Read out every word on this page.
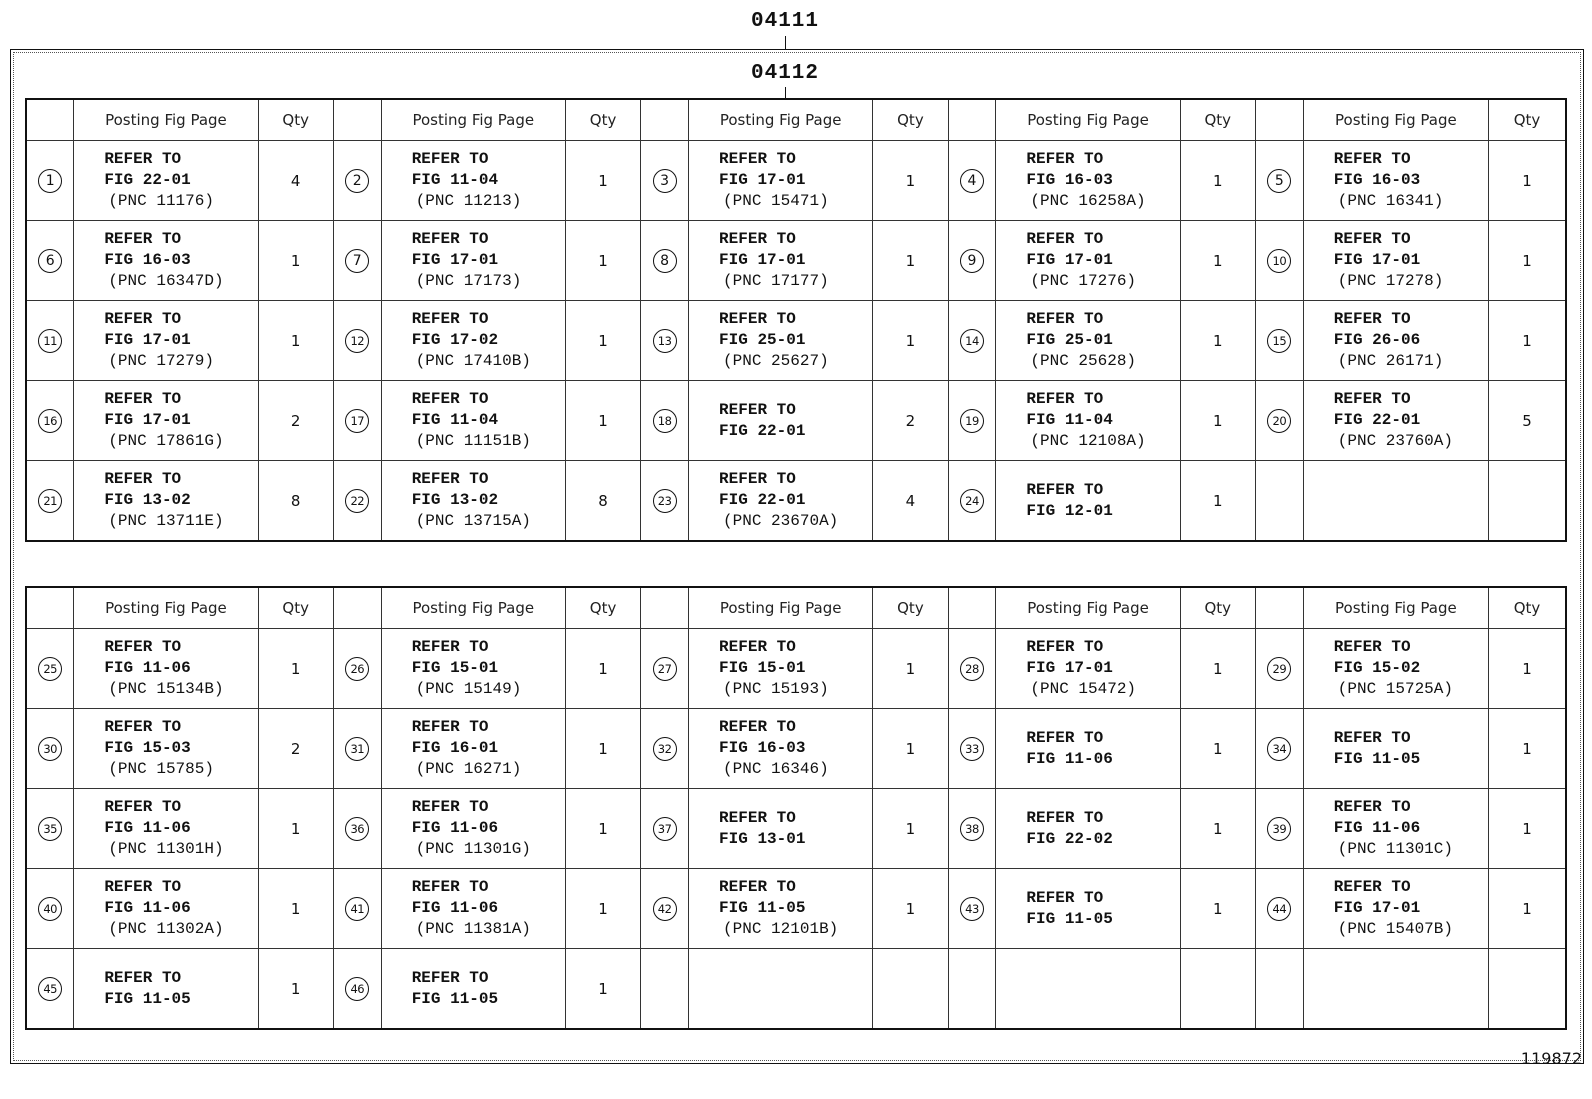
04111
04112
	Posting Fig Page	Qty		Posting Fig Page	Qty		Posting Fig Page	Qty		Posting Fig Page	Qty		Posting Fig Page	Qty
1	REFER TO
FIG 22-01
(PNC 11176)	4	2	REFER TO
FIG 11-04
(PNC 11213)	1	3	REFER TO
FIG 17-01
(PNC 15471)	1	4	REFER TO
FIG 16-03
(PNC 16258A)	1	5	REFER TO
FIG 16-03
(PNC 16341)	1
6	REFER TO
FIG 16-03
(PNC 16347D)	1	7	REFER TO
FIG 17-01
(PNC 17173)	1	8	REFER TO
FIG 17-01
(PNC 17177)	1	9	REFER TO
FIG 17-01
(PNC 17276)	1	10	REFER TO
FIG 17-01
(PNC 17278)	1
11	REFER TO
FIG 17-01
(PNC 17279)	1	12	REFER TO
FIG 17-02
(PNC 17410B)	1	13	REFER TO
FIG 25-01
(PNC 25627)	1	14	REFER TO
FIG 25-01
(PNC 25628)	1	15	REFER TO
FIG 26-06
(PNC 26171)	1
16	REFER TO
FIG 17-01
(PNC 17861G)	2	17	REFER TO
FIG 11-04
(PNC 11151B)	1	18	REFER TO
FIG 22-01	2	19	REFER TO
FIG 11-04
(PNC 12108A)	1	20	REFER TO
FIG 22-01
(PNC 23760A)	5
21	REFER TO
FIG 13-02
(PNC 13711E)	8	22	REFER TO
FIG 13-02
(PNC 13715A)	8	23	REFER TO
FIG 22-01
(PNC 23670A)	4	24	REFER TO
FIG 12-01	1			
	Posting Fig Page	Qty		Posting Fig Page	Qty		Posting Fig Page	Qty		Posting Fig Page	Qty		Posting Fig Page	Qty
25	REFER TO
FIG 11-06
(PNC 15134B)	1	26	REFER TO
FIG 15-01
(PNC 15149)	1	27	REFER TO
FIG 15-01
(PNC 15193)	1	28	REFER TO
FIG 17-01
(PNC 15472)	1	29	REFER TO
FIG 15-02
(PNC 15725A)	1
30	REFER TO
FIG 15-03
(PNC 15785)	2	31	REFER TO
FIG 16-01
(PNC 16271)	1	32	REFER TO
FIG 16-03
(PNC 16346)	1	33	REFER TO
FIG 11-06	1	34	REFER TO
FIG 11-05	1
35	REFER TO
FIG 11-06
(PNC 11301H)	1	36	REFER TO
FIG 11-06
(PNC 11301G)	1	37	REFER TO
FIG 13-01	1	38	REFER TO
FIG 22-02	1	39	REFER TO
FIG 11-06
(PNC 11301C)	1
40	REFER TO
FIG 11-06
(PNC 11302A)	1	41	REFER TO
FIG 11-06
(PNC 11381A)	1	42	REFER TO
FIG 11-05
(PNC 12101B)	1	43	REFER TO
FIG 11-05	1	44	REFER TO
FIG 17-01
(PNC 15407B)	1
45	REFER TO
FIG 11-05	1	46	REFER TO
FIG 11-05	1									
119872
